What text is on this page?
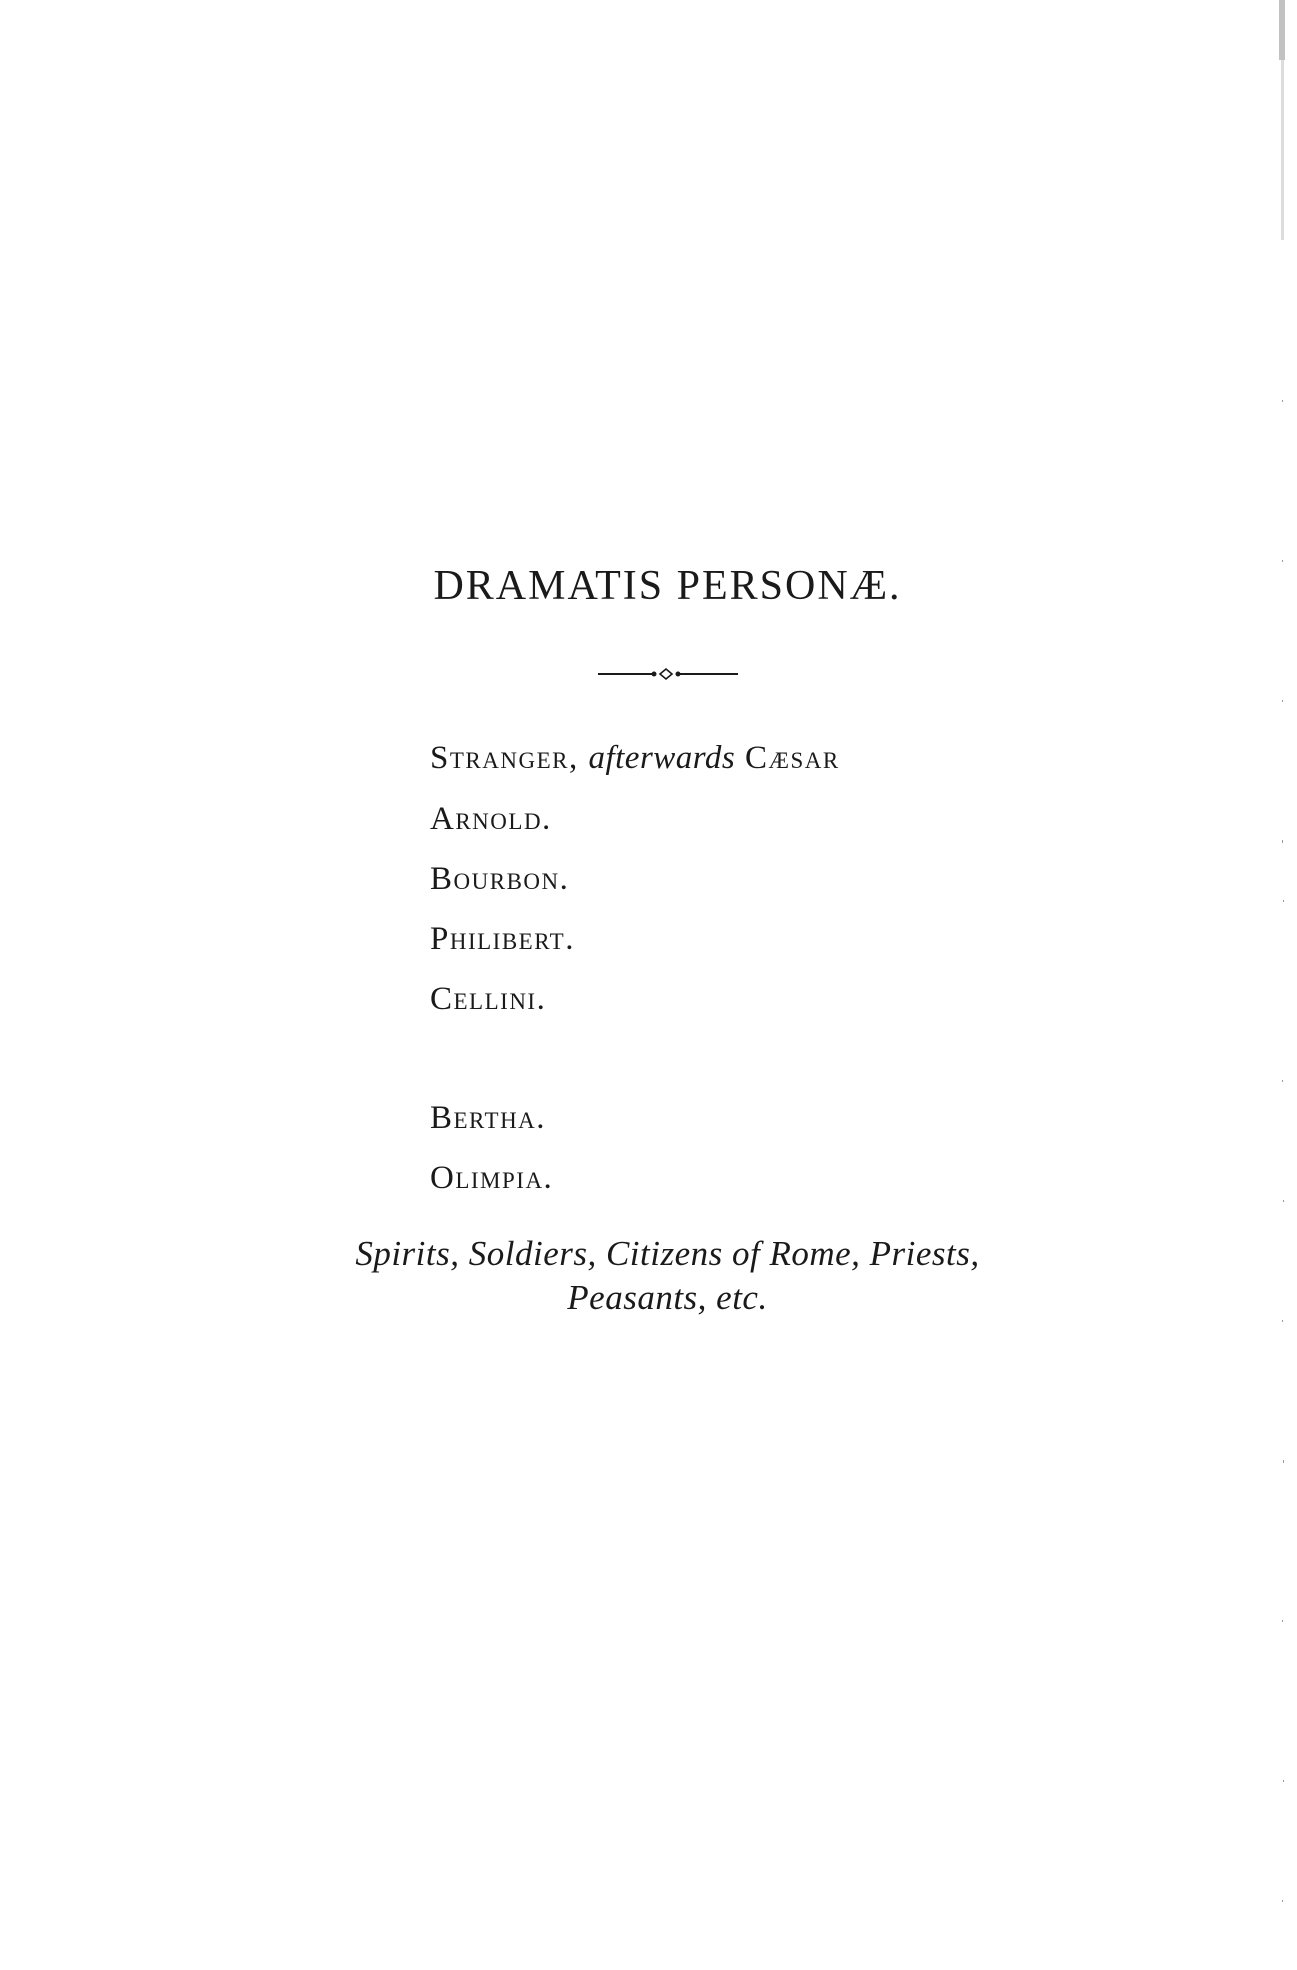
DRAMATIS PERSONÆ.
Stranger, afterwards Cæsar
Arnold.
Bourbon.
Philibert.
Cellini.
Bertha.
Olimpia.
Spirits, Soldiers, Citizens of Rome, Priests,
Peasants, etc.
